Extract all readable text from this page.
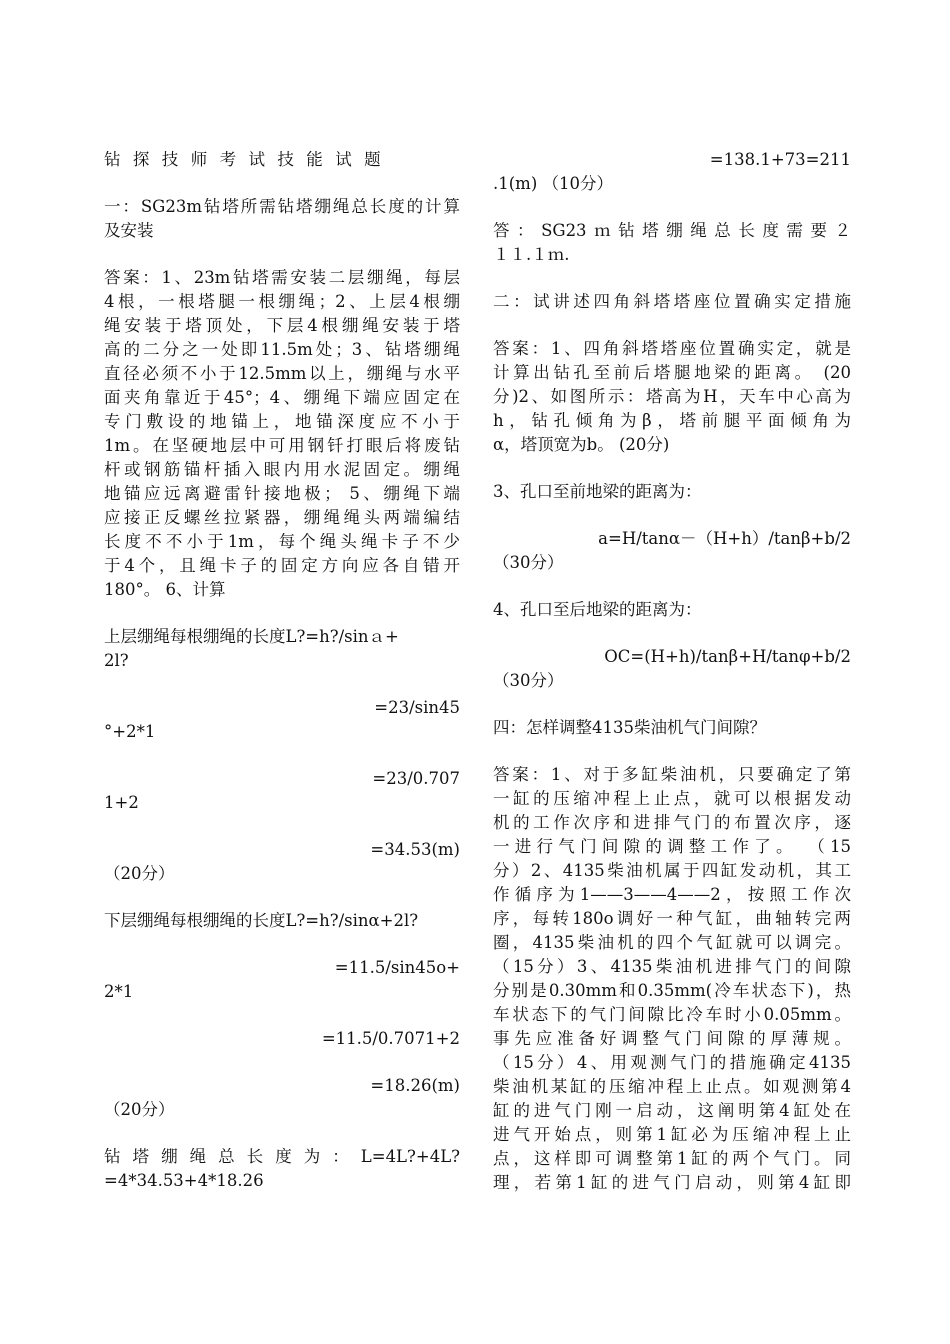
钻探技师考试技能试题
一：SG23m钻塔所需钻塔绷绳总长度的计算
及安装
答案：1、23m钻塔需安装二层绷绳，每层
4根，一根塔腿一根绷绳；2、上层4根绷
绳安装于塔顶处，下层4根绷绳安装于塔
高的二分之一处即11.5m处；3、钻塔绷绳
直径必须不小于12.5mm以上，绷绳与水平
面夹角靠近于45°；4、绷绳下端应固定在
专门敷设的地锚上，地锚深度应不小于
1m。在坚硬地层中可用钢钎打眼后将废钻
杆或钢筋锚杆插入眼内用水泥固定。绷绳
地锚应远离避雷针接地极； 5、绷绳下端
应接正反螺丝拉紧器，绷绳绳头两端编结
长度不不小于1m，每个绳头绳卡子不少
于4个，且绳卡子的固定方向应各自错开
180°。 6、计算
上层绷绳每根绷绳的长度L?=h?/sinａ+
2l?
=23/sin45
°+2*1
=23/0.707
1+2
=34.53(m)
（20分）
下层绷绳每根绷绳的长度L?=h?/sinα+2l?
=11.5/sin45o+
2*1
=11.5/0.7071+2
=18.26(m)
（20分）
钻塔绷绳总长度为：L=4L?+4L?
=4*34.53+4*18.26
=138.1+73=211
.1(m) （10分）
答：SG23ｍ钻塔绷绳总长度需要２
１１.１ｍ.
二：试讲述四角斜塔塔座位置确实定措施
答案：1、四角斜塔塔座位置确实定，就是
计算出钻孔至前后塔腿地梁的距离。 (20
分)2、如图所示：塔高为H，天车中心高为
h，钻孔倾角为β，塔前腿平面倾角为
α，塔顶宽为b。 (20分)
3、孔口至前地梁的距离为：
a=H/tanα－（H+h）/tanβ+b/2
（30分）
4、孔口至后地梁的距离为：
OC=(H+h)/tanβ+H/tanφ+b/2
（30分）
四：怎样调整4135柴油机气门间隙？
答案：1、对于多缸柴油机，只要确定了第
一缸的压缩冲程上止点，就可以根据发动
机的工作次序和进排气门的布置次序，逐
一进行气门间隙的调整工作了。 （15
分）2、4135柴油机属于四缸发动机，其工
作循序为1——3——4——2，按照工作次
序，每转180o调好一种气缸，曲轴转完两
圈，4135柴油机的四个气缸就可以调完。
（15分）3、4135柴油机进排气门的间隙
分别是0.30mm和0.35mm(冷车状态下)，热
车状态下的气门间隙比冷车时小0.05mm。
事先应准备好调整气门间隙的厚薄规。
（15分）4、用观测气门的措施确定4135
柴油机某缸的压缩冲程上止点。如观测第4
缸的进气门刚一启动，这阐明第4缸处在
进气开始点，则第1缸必为压缩冲程上止
点，这样即可调整第1缸的两个气门。同
理，若第1缸的进气门启动，则第4缸即
